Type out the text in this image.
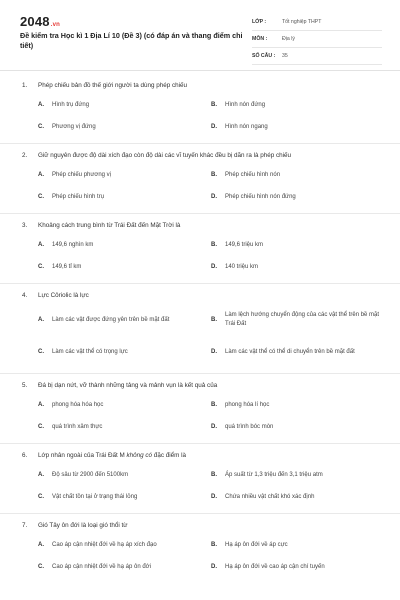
2048.vn
Đề kiểm tra Học kì 1 Địa Lí 10 (Đề 3) (có đáp án và thang điểm chi tiết)
LỚP :	Tốt nghiệp THPT
MÔN :	Địa lý
SỐ CÂU :	35
1. Phép chiếu bản đồ thế giới người ta dùng phép chiếu
A.	Hình trụ đứng	B.	Hình nón đứng
C.	Phương vị đứng	D.	Hình nón ngang
2. Giữ nguyên được độ dài xích đạo còn độ dài các vĩ tuyến khác đều bị dãn ra là phép chiếu
A.	Phép chiếu phương vị	B.	Phép chiếu hình nón
C.	Phép chiếu hình trụ	D.	Phép chiếu hình nón đứng
3. Khoảng cách trung bình từ Trái Đất đến Mặt Trời là
A.	149,6 nghìn km	B.	149,6 triệu km
C.	149,6 tỉ km	D.	140 triệu km
4. Lực Côriolic là lực
A.	Làm các vật được đứng yên trên bề mặt đất	B.
Làm lệch hướng chuyển động của các vật thể trên bề mặt Trái Đất
C.	Làm các vật thể có trọng lực	D.	Làm các vật thể có thể di chuyển trên bề mặt đất
5. Đá bị dạn nứt, vỡ thành những tảng và mảnh vụn là kết quả của
A.	phong hóa hóa học	B.	phong hóa lí học
C.	quá trình xâm thực	D.	quá trình bóc mòn
6. Lớp nhân ngoài của Trái Đất M không có đặc điểm là
A.	Độ sâu từ 2900 đến 5100km	B.	Áp suất từ 1,3 triệu đến 3,1 triệu atm
C.	Vật chất tồn tại ở trạng thái lỏng	D.	Chứa nhiều vật chất khó xác định
7. Gió Tây ôn đới là loại gió thổi từ
A.	Cao áp cận nhiệt đới về hạ áp xích đạo	B.	Hạ áp ôn đới về áp cực
C.	Cao áp cận nhiệt đới về hạ áp ôn đới	D.	Hạ áp ôn đới về cao áp cận chí tuyến
